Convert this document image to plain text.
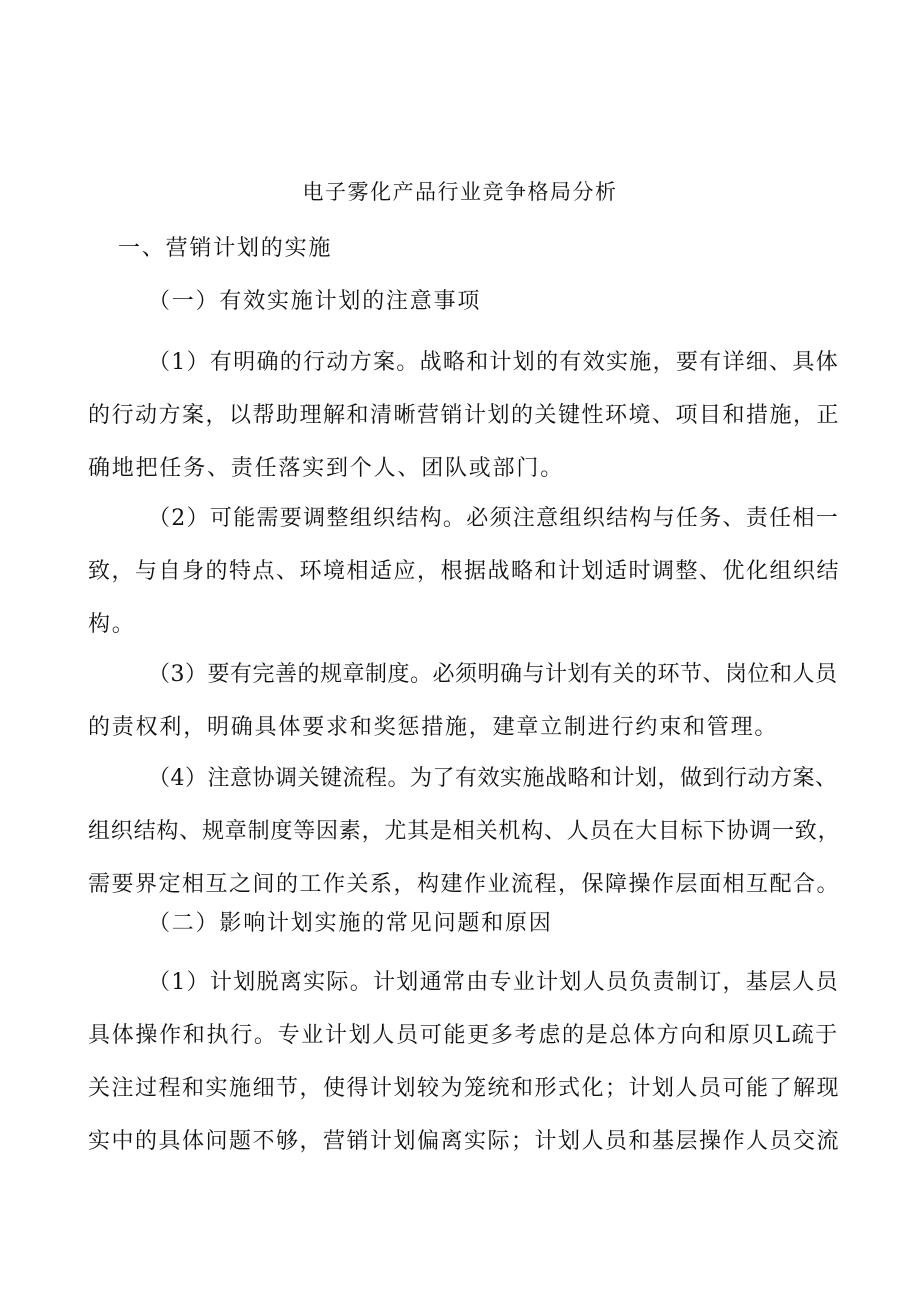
电子雾化产品行业竞争格局分析
一、营销计划的实施
（一）有效实施计划的注意事项
（1）有明确的行动方案。战略和计划的有效实施，要有详细、具体
的行动方案，以帮助理解和清晰营销计划的关键性环境、项目和措施，正
确地把任务、责任落实到个人、团队或部门。
（2）可能需要调整组织结构。必须注意组织结构与任务、责任相一
致，与自身的特点、环境相适应，根据战略和计划适时调整、优化组织结
构。
（3）要有完善的规章制度。必须明确与计划有关的环节、岗位和人员
的责权利，明确具体要求和奖惩措施，建章立制进行约束和管理。
（4）注意协调关键流程。为了有效实施战略和计划，做到行动方案、
组织结构、规章制度等因素，尤其是相关机构、人员在大目标下协调一致，
需要界定相互之间的工作关系，构建作业流程，保障操作层面相互配合。
（二）影响计划实施的常见问题和原因
（1）计划脱离实际。计划通常由专业计划人员负责制订，基层人员
具体操作和执行。专业计划人员可能更多考虑的是总体方向和原贝L疏于
关注过程和实施细节，使得计划较为笼统和形式化；计划人员可能了解现
实中的具体问题不够，营销计划偏离实际；计划人员和基层操作人员交流
